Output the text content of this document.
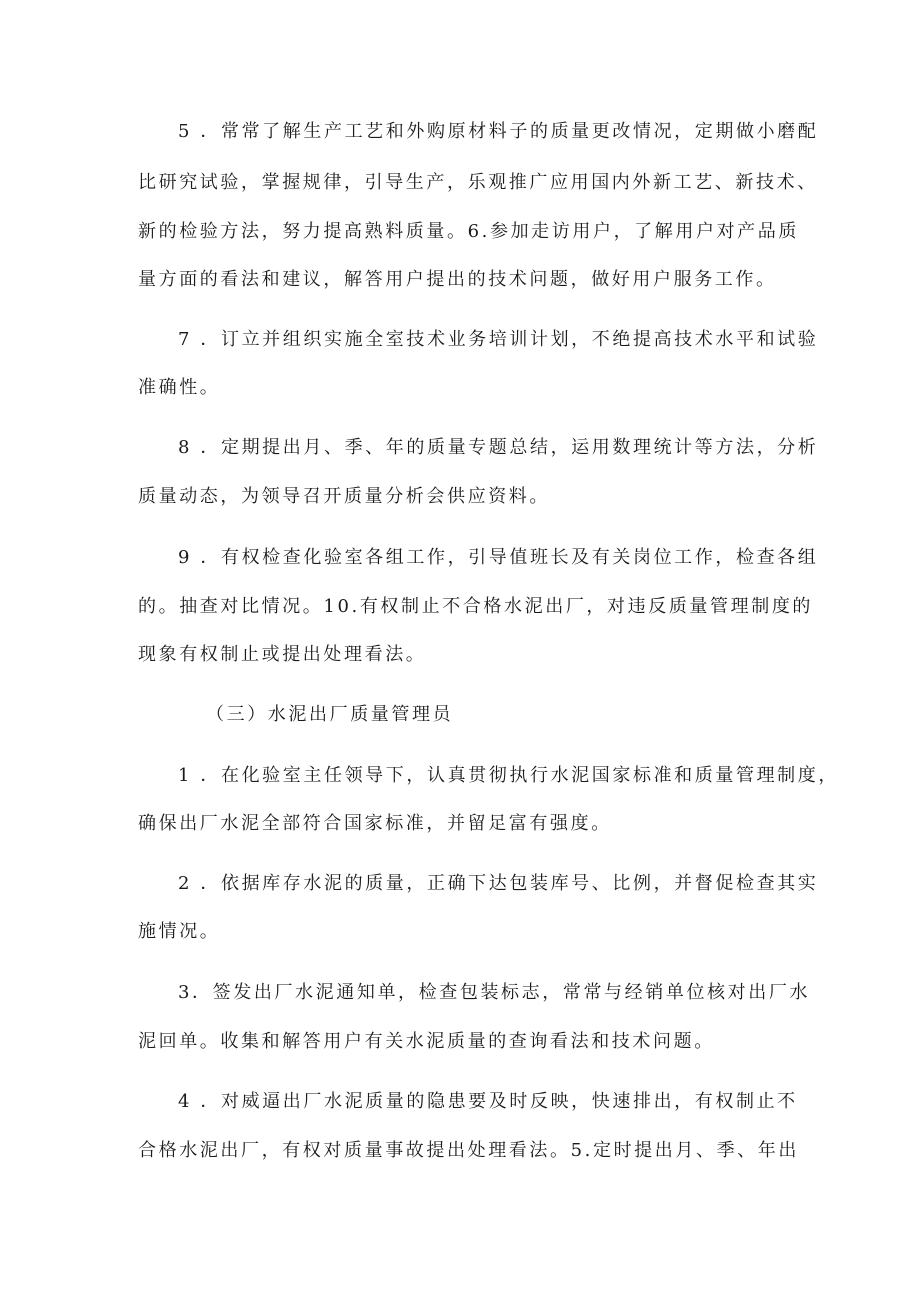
5 ．常常了解生产工艺和外购原材料子的质量更改情况，定期做小磨配
比研究试验，掌握规律，引导生产，乐观推广应用国内外新工艺、新技术、
新的检验方法，努力提高熟料质量。6.参加走访用户，了解用户对产品质
量方面的看法和建议，解答用户提出的技术问题，做好用户服务工作。
7 ．订立并组织实施全室技术业务培训计划，不绝提高技术水平和试验
准确性。
8 ．定期提出月、季、年的质量专题总结，运用数理统计等方法，分析
质量动态，为领导召开质量分析会供应资料。
9 ．有权检查化验室各组工作，引导值班长及有关岗位工作，检查各组
的。抽查对比情况。10.有权制止不合格水泥出厂，对违反质量管理制度的
现象有权制止或提出处理看法。
（三）水泥出厂质量管理员
1 ．在化验室主任领导下，认真贯彻执行水泥国家标准和质量管理制度，
确保出厂水泥全部符合国家标准，并留足富有强度。
2 ．依据库存水泥的质量，正确下达包装库号、比例，并督促检查其实
施情况。
3．签发出厂水泥通知单，检查包装标志，常常与经销单位核对出厂水
泥回单。收集和解答用户有关水泥质量的查询看法和技术问题。
4 ．对威逼出厂水泥质量的隐患要及时反映，快速排出，有权制止不
合格水泥出厂，有权对质量事故提出处理看法。5.定时提出月、季、年出
